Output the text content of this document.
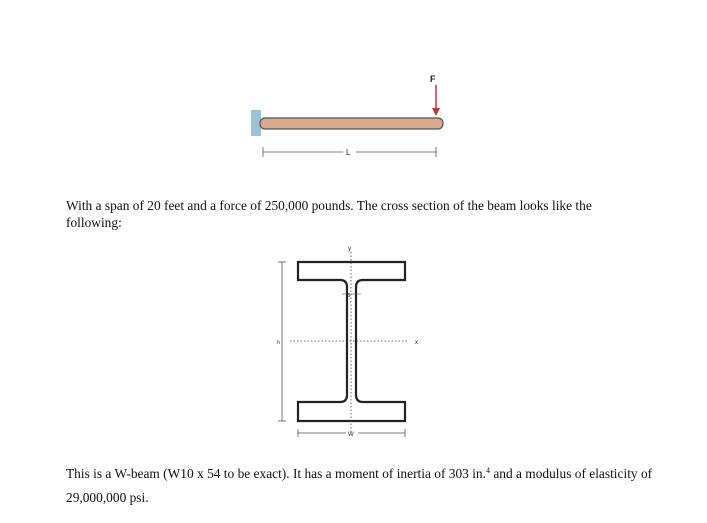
F
L
With a span of 20 feet and a force of 250,000 pounds. The cross section of the beam looks like the following:
y
x
S
h
W
This is a W-beam (W10 x 54 to be exact). It has a moment of inertia of 303 in.$^4$ and a modulus of elasticity of 29,000,000 psi.
